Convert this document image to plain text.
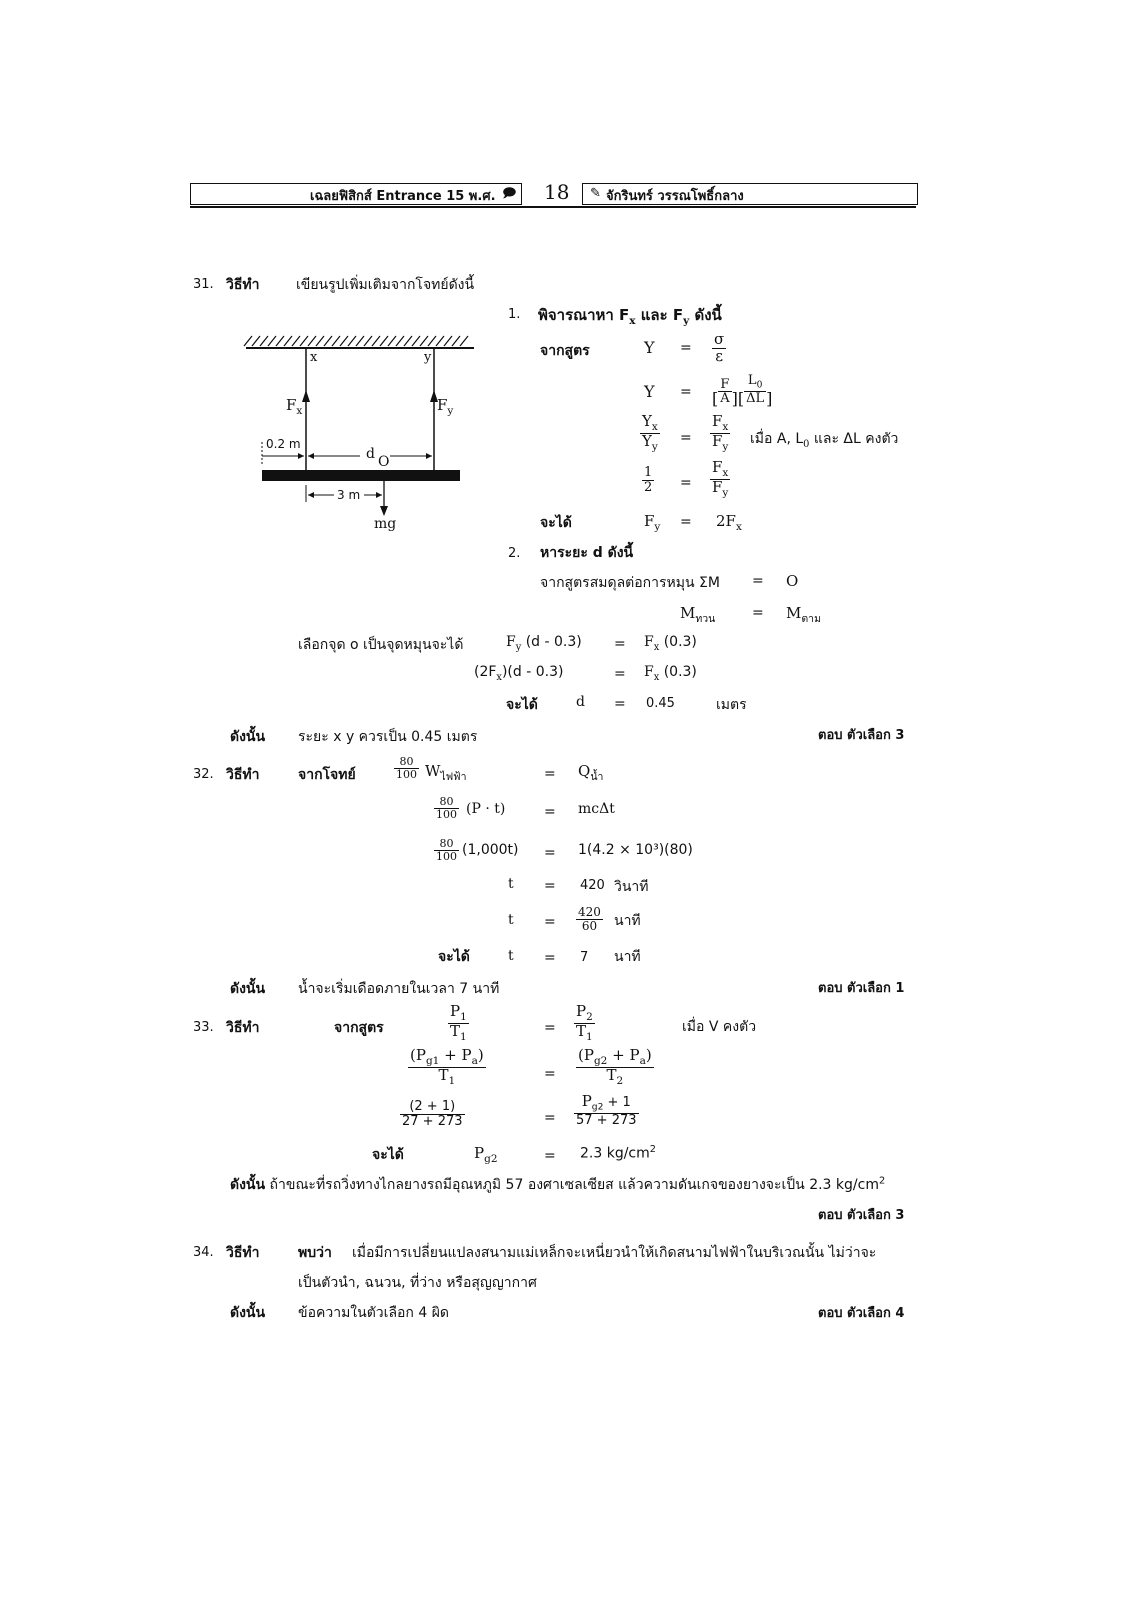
เฉลยฟิสิกส์ Entrance 15 พ.ศ. 🗩 18 ✎ จักรินทร์ วรรณโพธิ์กลาง
31. วิธีทำ	เขียนรูปเพิ่มเติมจากโจทย์ดังนี้
x	y
$F_x$	$F_y$
0.2 m
d O
3 m
mg
1. พิจารณาหา $F_x$ และ $F_y$ ดังนี้
จากสูตร	$Y = \frac{\sigma}{\varepsilon}$
Y = [ $\frac{F}{A}$ ][ $\frac{L_0}{\Delta L}$ ]
$\frac{Y_x}{Y_y} = \frac{F_x}{F_y}$ เมื่อ A, $L_0$ และ ΔL คงตัว
$\frac{1}{2} = \frac{F_x}{F_y}$
จะได้	$F_y = 2F_x$
2. หาระยะ d ดังนี้
จากสูตรสมดุลต่อการหมุน ΣM = O
$M_{ทวน}$	= $M_{ตาม}$
เลือกจุด o เป็นจุดหมุนจะได้	$F_y$ $(d - 0.3) = F_x$ (0.3)
$(2F_x)(d - 0.3)$	= $F_x$ (0.3)
จะได้	d = 0.45	เมตร
ดังนั้น ระยะ x y ควรเป็น 0.45 เมตร	ตอบ ตัวเลือก 3
32. วิธีทำ	จากโจทย์	$\frac{80}{100} W_{ไฟฟ้า}$	= $Q_{น้ำ}$
$\frac{80}{100} (P \cdot t)$	= mcΔt
$\frac{80}{100} (1,000t) = 1(4.2 \times 10^3)(80)$
t = 420 วินาที
$t = \frac{420}{60}$ นาที
จะได้	t = 7 นาที
ดังนั้น น้ำจะเริ่มเดือดภายในเวลา 7 นาที	ตอบ ตัวเลือก 1
33. วิธีทำ	จากสูตร	$\frac{P_1}{T_1}$	= $\frac{P_2}{T_1}$	เมื่อ V คงตัว
$\frac{(P_{g1} + P_a)}{T_1}$	= $\frac{(P_{g2} + P_a)}{T_2}$
$\frac{(2 + 1)}{27 + 273}$	= $\frac{P_{g2} + 1}{57 + 273}$
จะได้	$P_{g2}$	= 2.3 $kg/cm^2$
ดังนั้น ถ้าขณะที่รถวิ่งทางไกลยางรถมีอุณหภูมิ 57 องศาเซลเซียส แล้วความดันเกจของยางจะเป็น 2.3 $kg/cm^2$
ตอบ ตัวเลือก 3
34. วิธีทำ	พบว่า เมื่อมีการเปลี่ยนแปลงสนามแม่เหล็กจะเหนี่ยวนำให้เกิดสนามไฟฟ้าในบริเวณนั้น ไม่ว่าจะ
เป็นตัวนำ, ฉนวน, ที่ว่าง หรือสุญญากาศ
ดังนั้น ข้อความในตัวเลือก 4 ผิด	ตอบ ตัวเลือก 4
